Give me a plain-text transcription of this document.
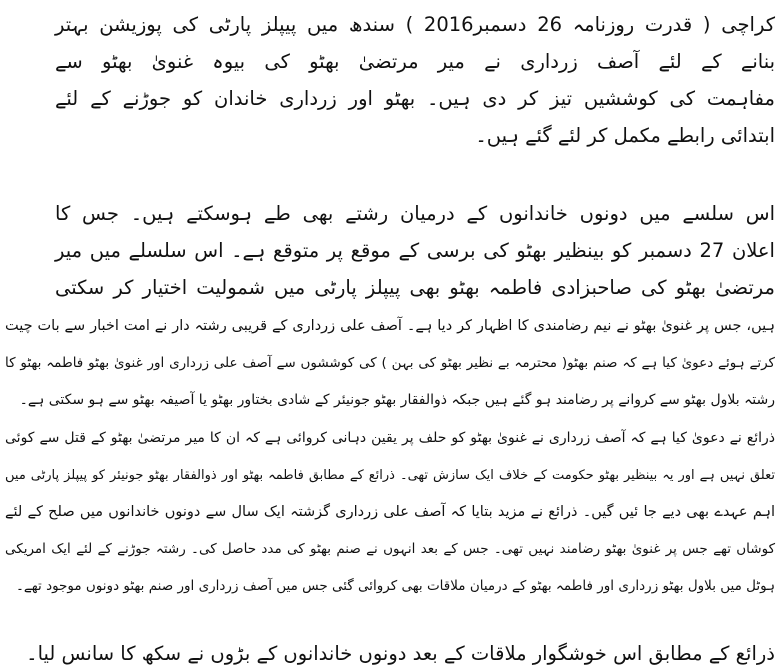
کراچی ( قدرت روزنامہ 26 دسمبر2016 ) سندھ میں پیپلز پارٹی کی پوزیشن بہتر
بنانے کے لئے آصف زرداری نے میر مرتضیٰ بھٹو کی بیوہ غنویٰ بھٹو سے
مفاہمت کی کوششیں تیز کر دی ہیں۔ بھٹو اور زرداری خاندان کو جوڑنے کے لئے
ابتدائی رابطے مکمل کر لئے گئے ہیں۔
اس سلسے میں دونوں خاندانوں کے درمیان رشتے بھی طے ہوسکتے ہیں۔ جس کا
اعلان 27 دسمبر کو بینظیر بھٹو کی برسی کے موقع پر متوقع ہے۔ اس سلسلے میں میر
مرتضیٰ بھٹو کی صاحبزادی فاطمہ بھٹو بھی پیپلز پارٹی میں شمولیت اختیار کر سکتی
ہیں، جس پر غنویٰ بھٹو نے نیم رضامندی کا اظہار کر دیا ہے۔ آصف علی زرداری کے قریبی رشتہ دار نے امت اخبار سے بات چیت
کرتے ہوئے دعویٰ کیا ہے کہ صنم بھٹو( محترمہ بے نظیر بھٹو کی بہن ) کی کوششوں سے آصف علی زرداری اور غنویٰ بھٹو فاطمہ بھٹو کا
رشتہ بلاول بھٹو سے کروانے پر رضامند ہو گئے ہیں جبکہ ذوالفقار بھٹو جونیئر کے شادی بختاور بھٹو یا آصیفہ بھٹو سے ہو سکتی ہے۔
ذرائع نے دعویٰ کیا ہے کہ آصف زرداری نے غنویٰ بھٹو کو حلف پر یقین دہانی کروائی ہے کہ ان کا میر مرتضیٰ بھٹو کے قتل سے کوئی
تعلق نہیں ہے اور یہ بینظیر بھٹو حکومت کے خلاف ایک سازش تھی۔ ذرائع کے مطابق فاطمہ بھٹو اور ذوالفقار بھٹو جونیئر کو پیپلز پارٹی میں
اہم عہدے بھی دیے جا ئیں گیں۔ ذرائع نے مزید بتایا کہ آصف علی زرداری گزشتہ ایک سال سے دونوں خاندانوں میں صلح کے لئے
کوشاں تھے جس پر غنویٰ بھٹو رضامند نہیں تھی۔ جس کے بعد انہوں نے صنم بھٹو کی مدد حاصل کی۔ رشتہ جوڑنے کے لئے ایک امریکی
ہوٹل میں بلاول بھٹو زرداری اور فاطمہ بھٹو کے درمیان ملاقات بھی کروائی گئی جس میں آصف زرداری اور صنم بھٹو دونوں موجود تھے۔
ذرائع کے مطابق اس خوشگوار ملاقات کے بعد دونوں خاندانوں کے بڑوں نے سکھ کا سانس لیا۔
